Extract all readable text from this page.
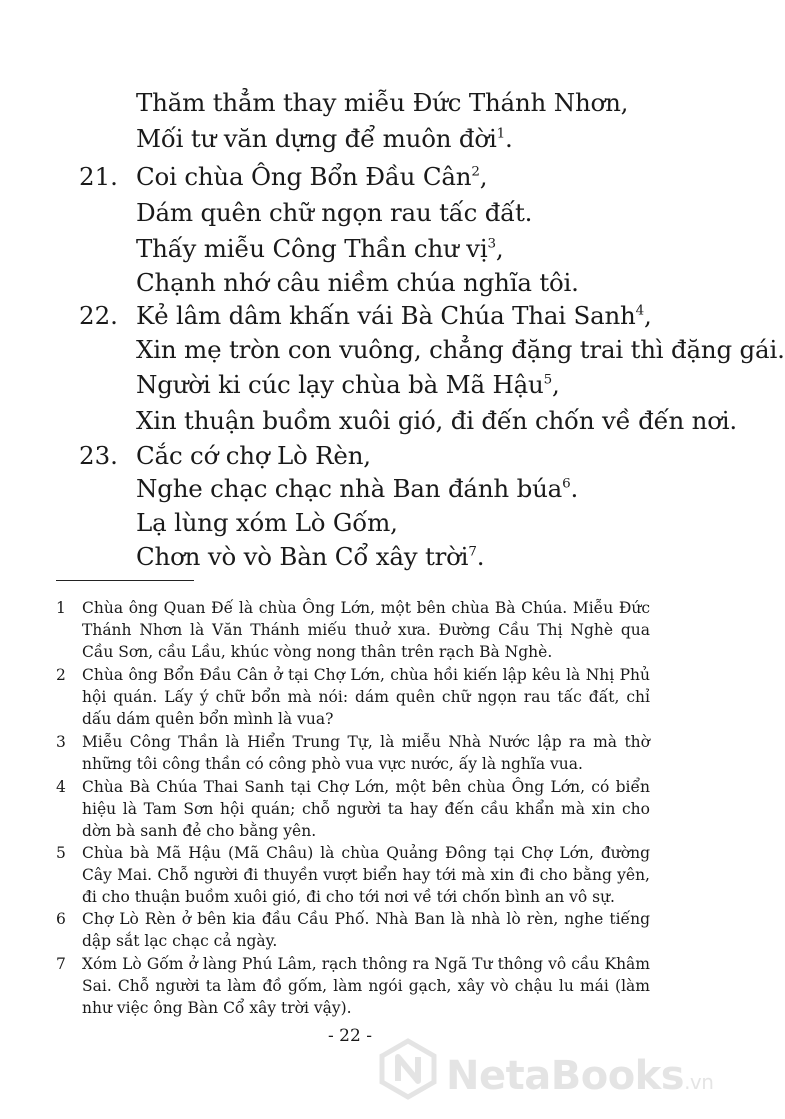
Thăm thẳm thay miễu Đức Thánh Nhơn,
Mối tư văn dựng để muôn đời$^1$.
21. Coi chùa Ông Bổn Đầu Cân$^2$,
Dám quên chữ ngọn rau tấc đất.
Thấy miễu Công Thần chư vị$^3$,
Chạnh nhớ câu niềm chúa nghĩa tôi.
22. Kẻ lâm dâm khấn vái Bà Chúa Thai Sanh$^4$,
Xin mẹ tròn con vuông, chẳng đặng trai thì đặng gái.
Người ki cúc lạy chùa bà Mã Hậu$^5$,
Xin thuận buồm xuôi gió, đi đến chốn về đến nơi.
23. Cắc cớ chợ Lò Rèn,
Nghe chạc chạc nhà Ban đánh búa$^6$.
Lạ lùng xóm Lò Gốm,
Chơn vò vò Bàn Cổ xây trời$^7$.
1 Chùa ông Quan Đế là chùa Ông Lớn, một bên chùa Bà Chúa. Miễu Đức Thánh Nhơn là Văn Thánh miếu thuở xưa. Đường Cầu Thị Nghè qua Cầu Sơn, cầu Lầu, khúc vòng nong thân trên rạch Bà Nghè.
2 Chùa ông Bổn Đầu Cân ở tại Chợ Lớn, chùa hồi kiến lập kêu là Nhị Phủ hội quán. Lấy ý chữ bổn mà nói: dám quên chữ ngọn rau tấc đất, chỉ dấu dám quên bổn mình là vua?
3 Miễu Công Thần là Hiển Trung Tự, là miễu Nhà Nước lập ra mà thờ những tôi công thần có công phò vua vực nước, ấy là nghĩa vua.
4 Chùa Bà Chúa Thai Sanh tại Chợ Lớn, một bên chùa Ông Lớn, có biển hiệu là Tam Sơn hội quán; chỗ người ta hay đến cầu khẩn mà xin cho dờn bà sanh đẻ cho bằng yên.
5 Chùa bà Mã Hậu (Mã Châu) là chùa Quảng Đông tại Chợ Lớn, đường Cây Mai. Chỗ người đi thuyền vượt biển hay tới mà xin đi cho bằng yên, đi cho thuận buồm xuôi gió, đi cho tới nơi về tới chốn bình an vô sự.
6 Chợ Lò Rèn ở bên kia đầu Cầu Phố. Nhà Ban là nhà lò rèn, nghe tiếng dập sắt lạc chạc cả ngày.
7 Xóm Lò Gốm ở làng Phú Lâm, rạch thông ra Ngã Tư thông vô cầu Khâm Sai. Chỗ người ta làm đồ gốm, làm ngói gạch, xây vò chậu lu mái (làm như việc ông Bàn Cổ xây trời vậy).
- 22 -
NetaBooks.vn
